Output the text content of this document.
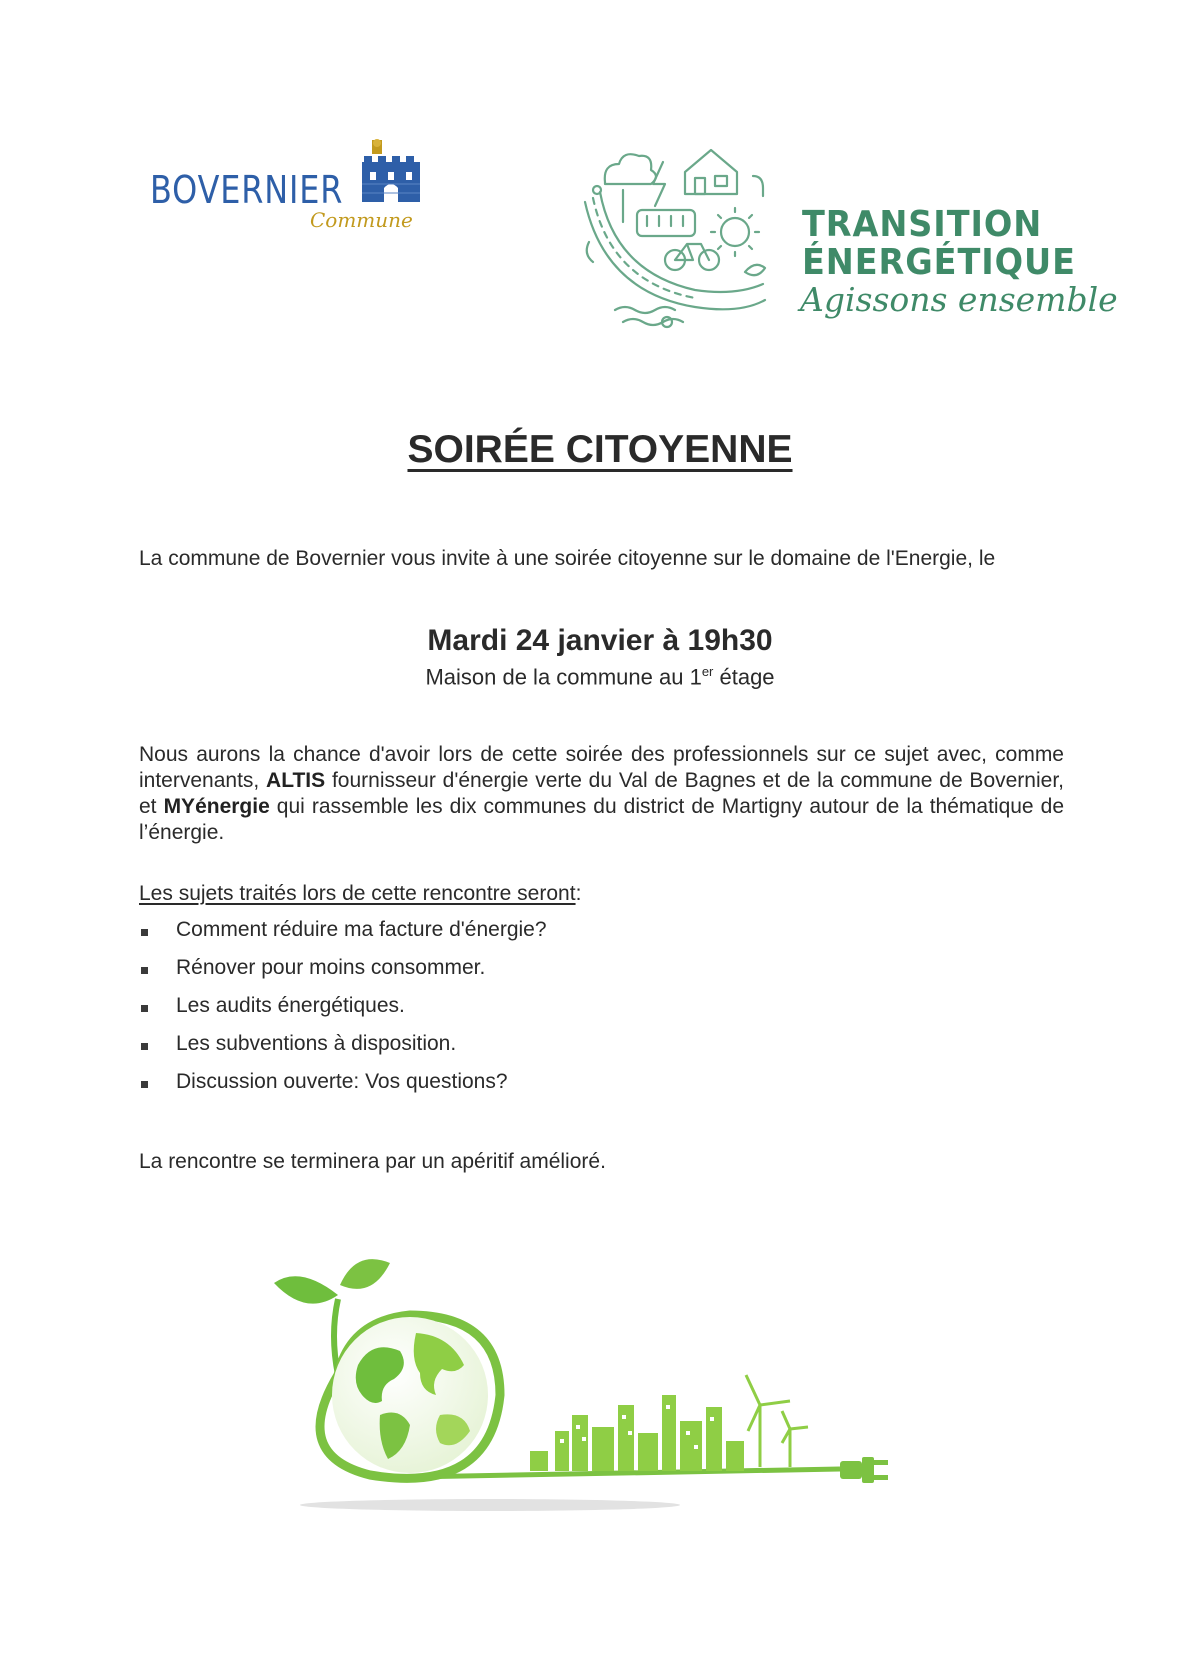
BOVERNIER
Commune	TRANSITION
ÉNERGÉTIQUE
Agissons ensemble
SOIRÉE CITOYENNE
La commune de Bovernier vous invite à une soirée citoyenne sur le domaine de l'Energie, le
Mardi 24 janvier à 19h30
Maison de la commune au 1er étage
Nous aurons la chance d'avoir lors de cette soirée des professionnels sur ce sujet avec, comme intervenants, ALTIS fournisseur d'énergie verte du Val de Bagnes et de la commune de Bovernier, et MYénergie qui rassemble les dix communes du district de Martigny autour de la thématique de l’énergie.
Les sujets traités lors de cette rencontre seront:
Comment réduire ma facture d'énergie?
Rénover pour moins consommer.
Les audits énergétiques.
Les subventions à disposition.
Discussion ouverte: Vos questions?
La rencontre se terminera par un apéritif amélioré.
